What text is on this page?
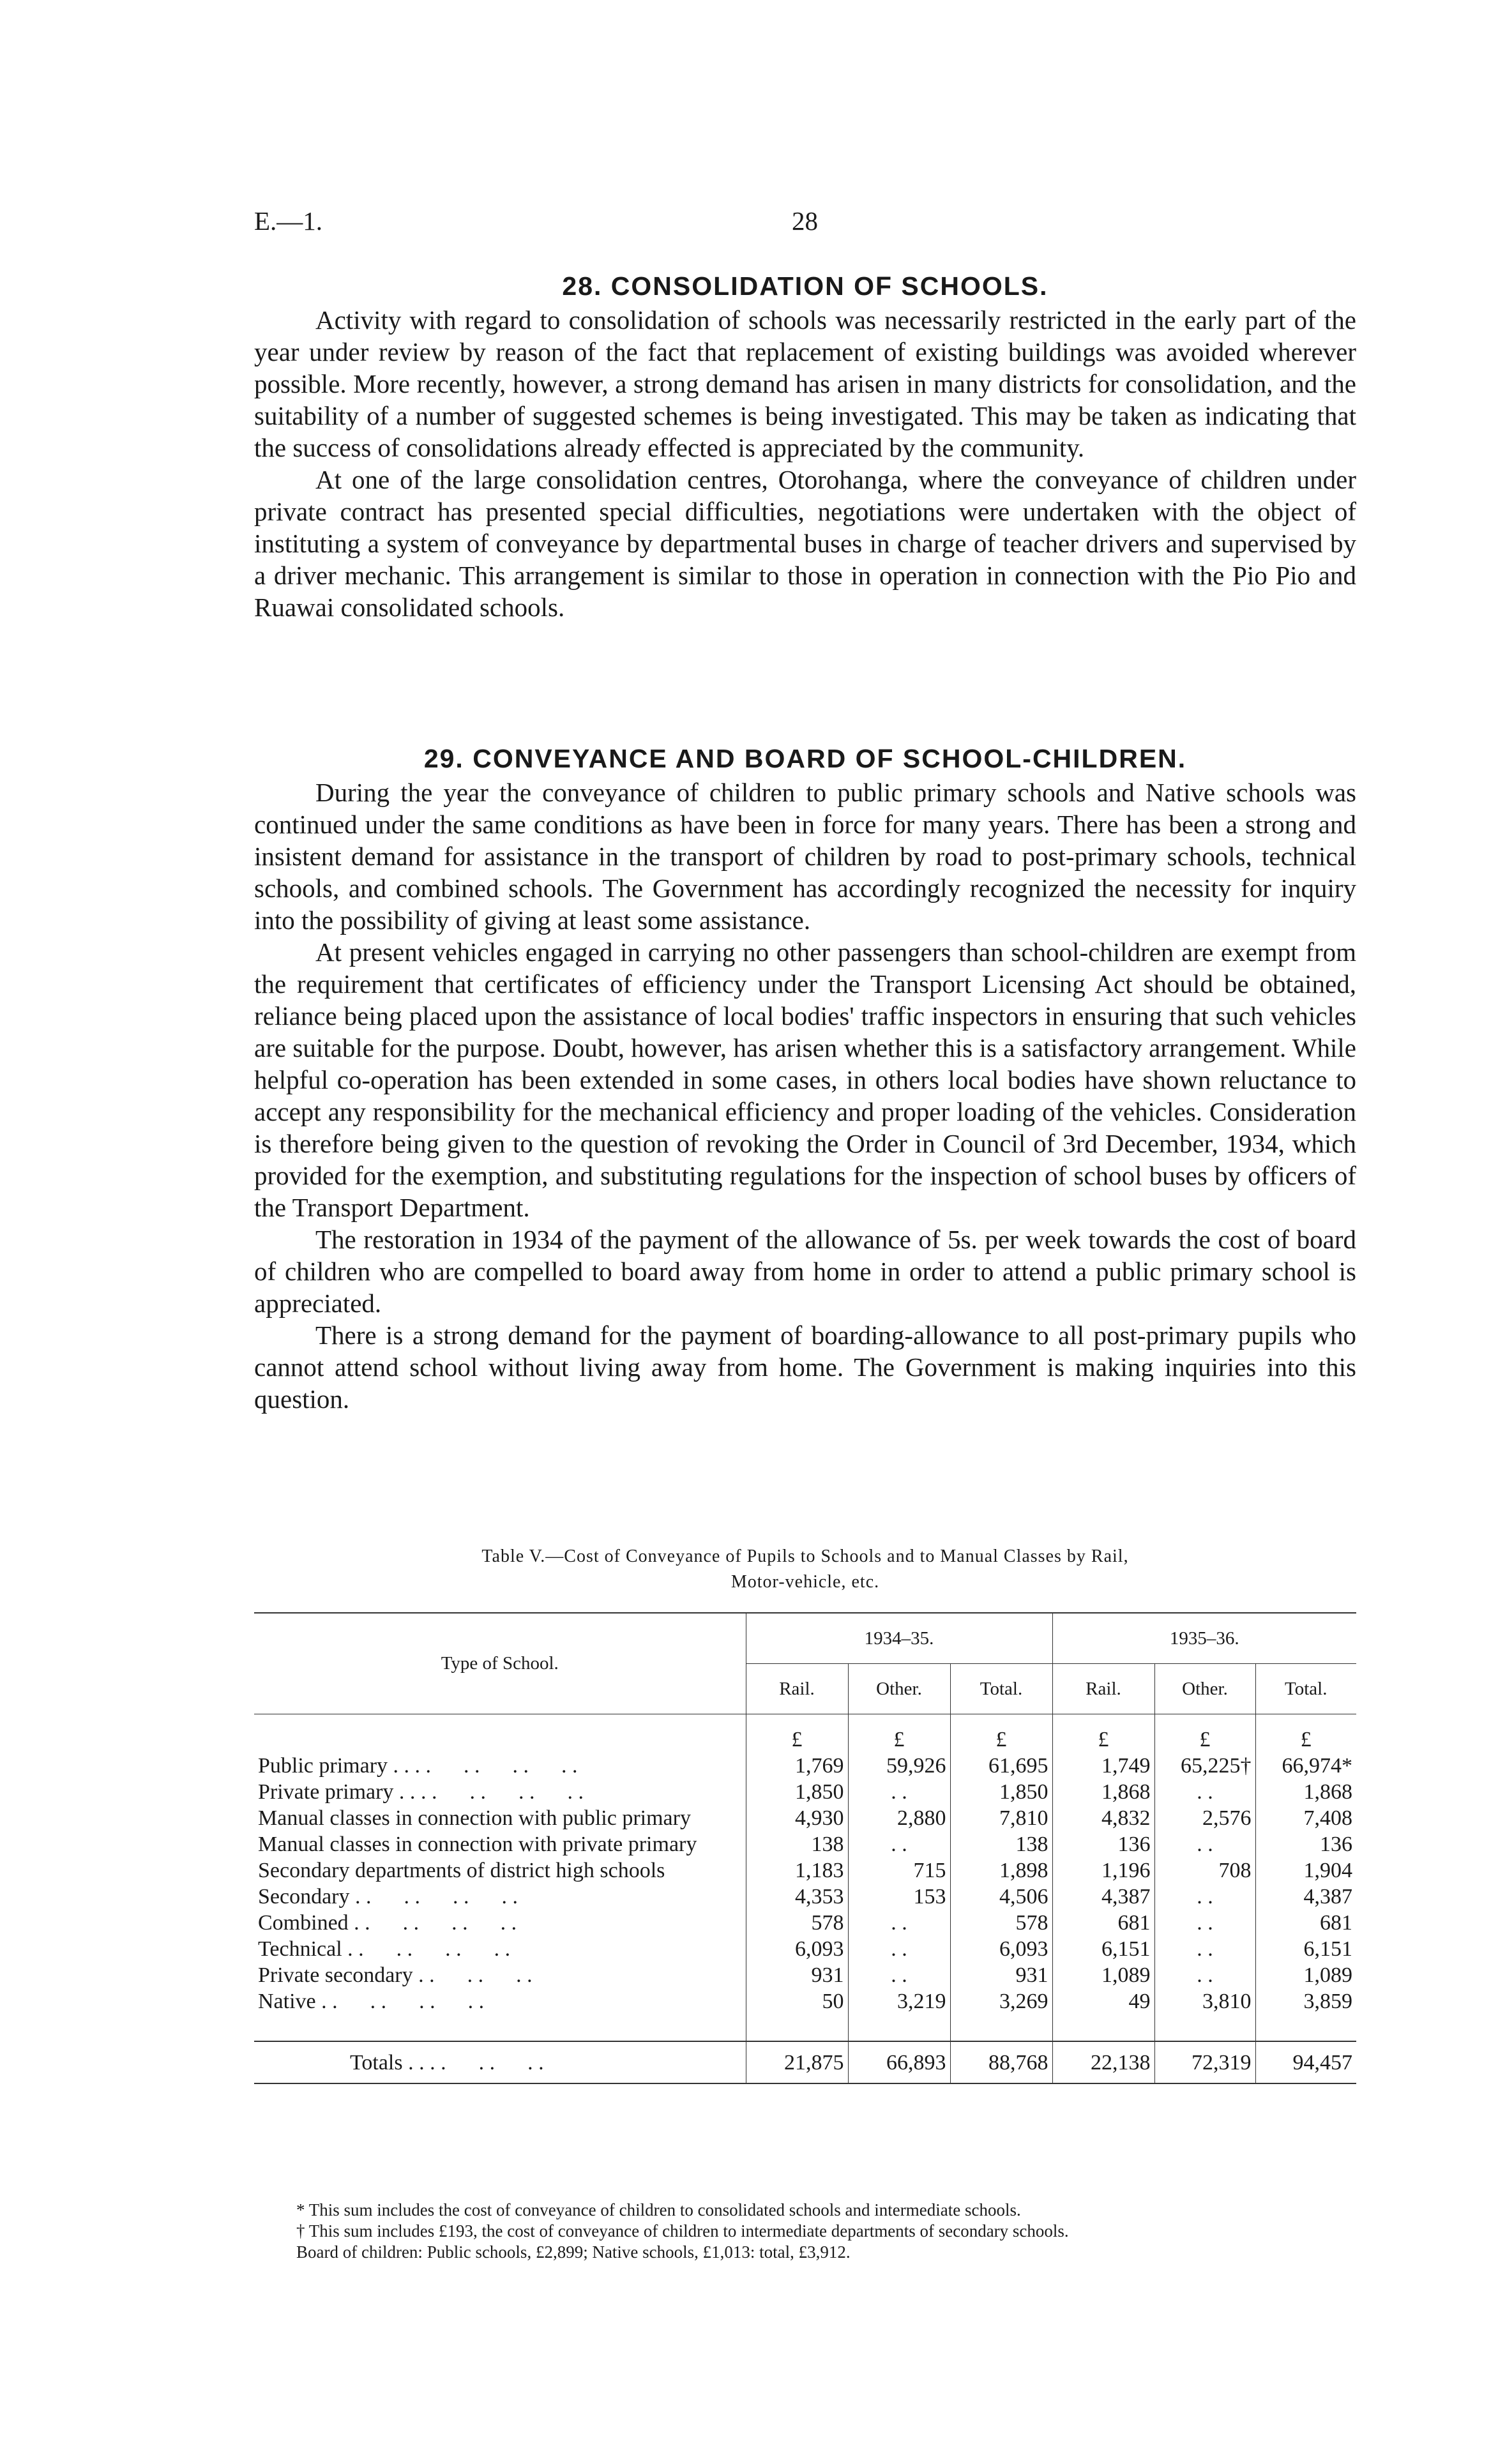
E.—1.	28
28. CONSOLIDATION OF SCHOOLS.

Activity with regard to consolidation of schools was necessarily restricted in the early part of the year under review by reason of the fact that replacement of existing buildings was avoided wherever possible. More recently, however, a strong demand has arisen in many districts for consolidation, and the suitability of a number of suggested schemes is being investigated. This may be taken as indicating that the success of consolidations already effected is appreciated by the community.

At one of the large consolidation centres, Otorohanga, where the conveyance of children under private contract has presented special difficulties, negotiations were undertaken with the object of instituting a system of conveyance by departmental buses in charge of teacher drivers and supervised by a driver mechanic. This arrangement is similar to those in operation in connection with the Pio Pio and Ruawai consolidated schools.

29. CONVEYANCE AND BOARD OF SCHOOL-CHILDREN.

During the year the conveyance of children to public primary schools and Native schools was continued under the same conditions as have been in force for many years. There has been a strong and insistent demand for assistance in the transport of children by road to post-primary schools, technical schools, and combined schools. The Government has accordingly recognized the necessity for inquiry into the possibility of giving at least some assistance.

At present vehicles engaged in carrying no other passengers than school-children are exempt from the requirement that certificates of efficiency under the Transport Licensing Act should be obtained, reliance being placed upon the assistance of local bodies' traffic inspectors in ensuring that such vehicles are suitable for the purpose. Doubt, however, has arisen whether this is a satisfactory arrangement. While helpful co-operation has been extended in some cases, in others local bodies have shown reluctance to accept any responsibility for the mechanical efficiency and proper loading of the vehicles. Consideration is therefore being given to the question of revoking the Order in Council of 3rd December, 1934, which provided for the exemption, and substituting regulations for the inspection of school buses by officers of the Transport Department.

The restoration in 1934 of the payment of the allowance of 5s. per week towards the cost of board of children who are compelled to board away from home in order to attend a public primary school is appreciated.

There is a strong demand for the payment of boarding-allowance to all post-primary pupils who cannot attend school without living away from home. The Government is making inquiries into this question.

Table V.—Cost of Conveyance of Pupils to Schools and to Manual Classes by Rail,
Motor-vehicle, etc.
Type of School.	1934–35.			1935–36.		
	Rail.	Other.	Total.	Rail.	Other.	Total.
	£	£	£	£	£	£
Public primary . . . .      . .      . .      . .	1,769	59,926	61,695	1,749	65,225†	66,974*
Private primary . . . .      . .      . .      . .	1,850	. .	1,850	1,868	. .	1,868
Manual classes in connection with public primary	4,930	2,880	7,810	4,832	2,576	7,408
Manual classes in connection with private primary	138	. .	138	136	. .	136
Secondary departments of district high schools	1,183	715	1,898	1,196	708	1,904
Secondary . .      . .      . .      . .	4,353	153	4,506	4,387	. .	4,387
Combined . .      . .      . .      . .	578	. .	578	681	. .	681
Technical . .      . .      . .      . .	6,093	. .	6,093	6,151	. .	6,151
Private secondary . .      . .      . .	931	. .	931	1,089	. .	1,089
Native . .      . .      . .      . .	50	3,219	3,269	49	3,810	3,859

Totals . . . .      . .      . .	21,875	66,893	88,768	22,138	72,319	94,457
* This sum includes the cost of conveyance of children to consolidated schools and intermediate schools.
† This sum includes £193, the cost of conveyance of children to intermediate departments of secondary schools.
Board of children: Public schools, £2,899; Native schools, £1,013: total, £3,912.
